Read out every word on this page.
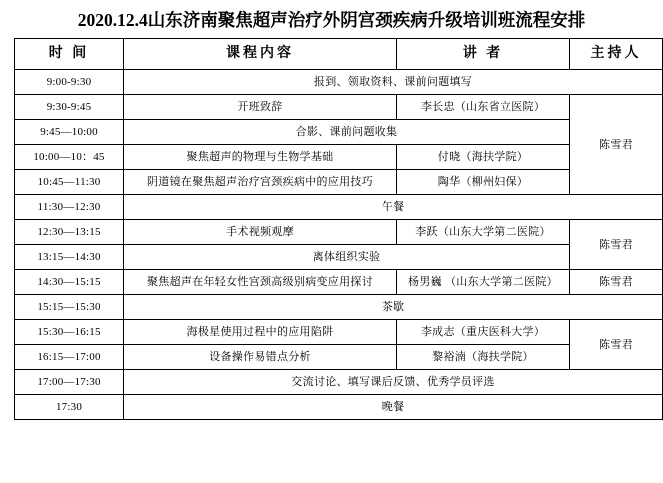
2020.12.4山东济南聚焦超声治疗外阴宫颈疾病升级培训班流程安排
时 间	课程内容	讲 者	主持人
9:00-9:30	报到、领取资料、课前问题填写		
9:30-9:45	开班致辞	李长忠（山东省立医院）	陈雪君
9:45—10:00	合影、课前问题收集		
10:00—10：45	聚焦超声的物理与生物学基础	付晓（海扶学院）	
10:45—11:30	阴道镜在聚焦超声治疗宫颈疾病中的应用技巧	陶华（柳州妇保）	
11:30—12:30	午餐		
12:30—13:15	手术视频观摩	李跃（山东大学第二医院）	陈雪君
13:15—14:30	离体组织实验		
14:30—15:15	聚焦超声在年轻女性宫颈高级别病变应用探讨	杨男巍 （山东大学第二医院）	陈雪君
15:15—15:30	茶歇		
15:30—16:15	海极星使用过程中的应用陷阱	李成志（重庆医科大学）	陈雪君
16:15—17:00	设备操作易错点分析	黎裕湳（海扶学院）	
17:00—17:30	交流讨论、填写课后反馈、优秀学员评选		
17:30	晚餐		
